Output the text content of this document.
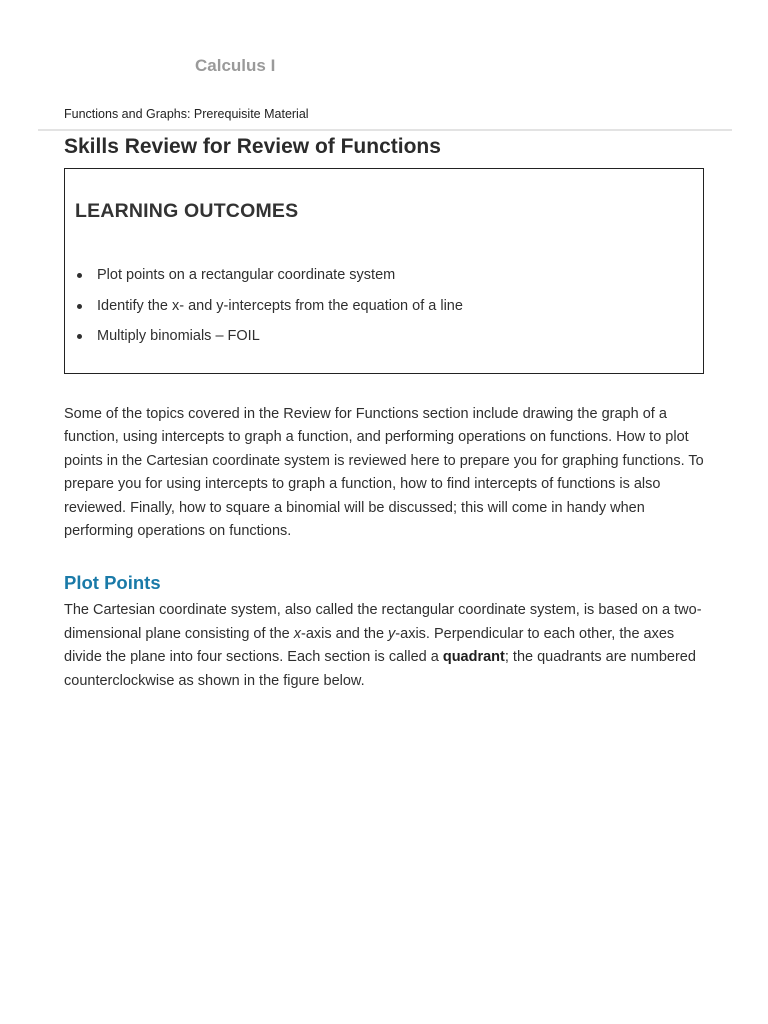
Calculus I
Functions and Graphs: Prerequisite Material
Skills Review for Review of Functions
LEARNING OUTCOMES
Plot points on a rectangular coordinate system
Identify the x- and y-intercepts from the equation of a line
Multiply binomials – FOIL

Some of the topics covered in the Review for Functions section include drawing the graph of a function, using intercepts to graph a function, and performing operations on functions. How to plot points in the Cartesian coordinate system is reviewed here to prepare you for graphing functions. To prepare you for using intercepts to graph a function, how to find intercepts of functions is also reviewed. Finally, how to square a binomial will be discussed; this will come in handy when performing operations on functions.

Plot Points

The Cartesian coordinate system, also called the rectangular coordinate system, is based on a two-dimensional plane consisting of the x-axis and the y-axis. Perpendicular to each other, the axes divide the plane into four sections. Each section is called a quadrant; the quadrants are numbered counterclockwise as shown in the figure below.
